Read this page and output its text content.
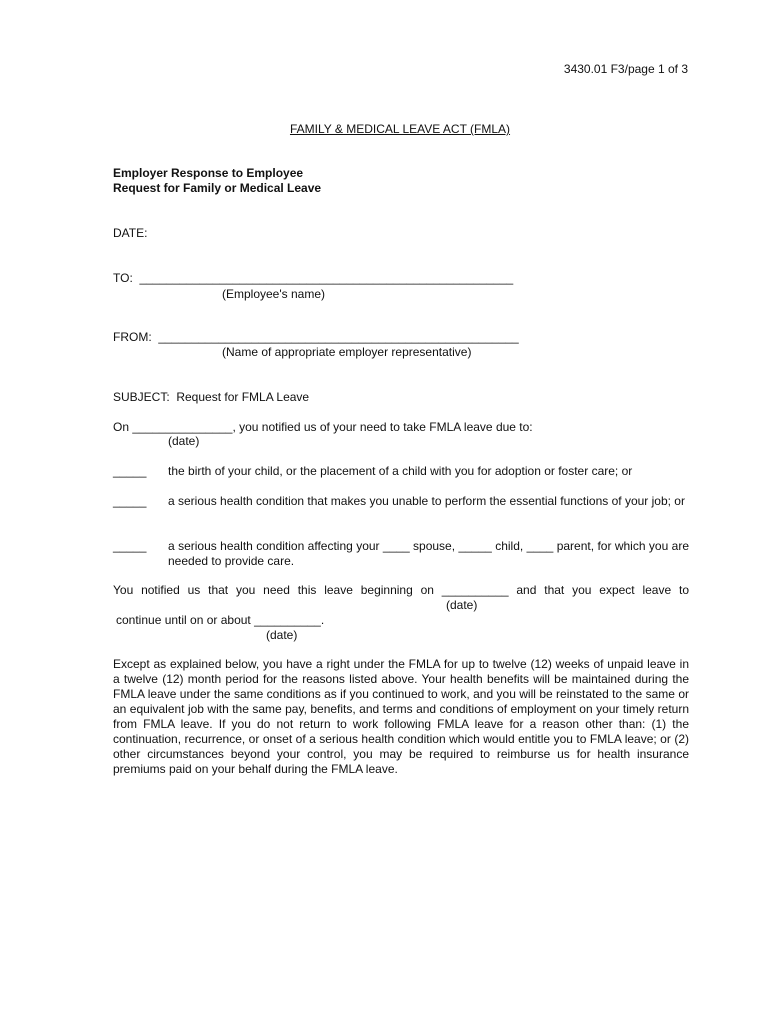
3430.01 F3/page 1 of 3
FAMILY & MEDICAL LEAVE ACT (FMLA)
Employer Response to Employee
Request for Family or Medical Leave
DATE:
TO:  ________________________________________________________
(Employee's name)
FROM:  ______________________________________________________
(Name of appropriate employer representative)
SUBJECT:  Request for FMLA Leave
On _______________, you notified us of your need to take FMLA leave due to:
(date)
_____ the birth of your child, or the placement of a child with you for adoption or foster care; or
_____ a serious health condition that makes you unable to perform the essential functions of your job; or
_____ a serious health condition affecting your ____ spouse, _____ child, ____ parent, for which you are needed to provide care.
You notified us that you need this leave beginning on __________ and that you expect leave to
(date)
continue until on or about __________.
(date)
Except as explained below, you have a right under the FMLA for up to twelve (12) weeks of unpaid leave in a twelve (12) month period for the reasons listed above. Your health benefits will be maintained during the FMLA leave under the same conditions as if you continued to work, and you will be reinstated to the same or an equivalent job with the same pay, benefits, and terms and conditions of employment on your timely return from FMLA leave. If you do not return to work following FMLA leave for a reason other than: (1) the continuation, recurrence, or onset of a serious health condition which would entitle you to FMLA leave; or (2) other circumstances beyond your control, you may be required to reimburse us for health insurance premiums paid on your behalf during the FMLA leave.
